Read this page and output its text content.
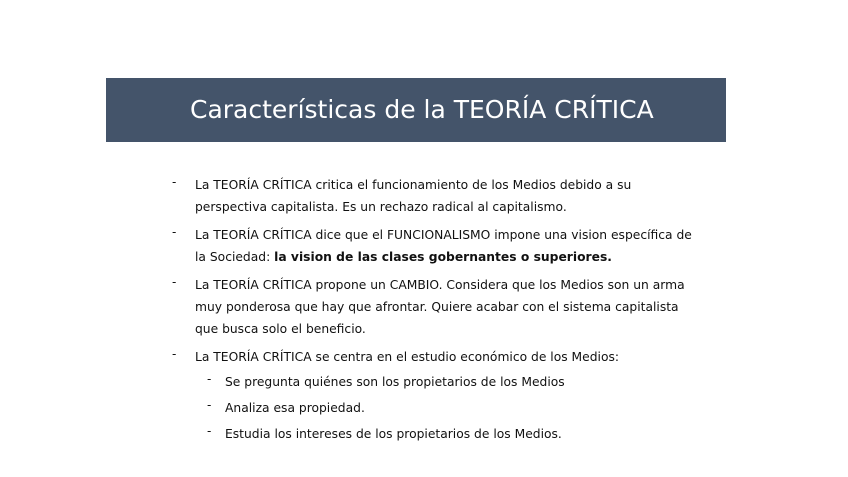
Características de la TEORÍA CRÍTICA
- La TEORÍA CRÍTICA critica el funcionamiento de los Medios debido a su perspectiva capitalista. Es un rechazo radical al capitalismo.
- La TEORÍA CRÍTICA dice que el FUNCIONALISMO impone una vision específica de la Sociedad: la vision de las clases gobernantes o superiores.
- La TEORÍA CRÍTICA propone un CAMBIO. Considera que los Medios son un arma muy ponderosa que hay que afrontar. Quiere acabar con el sistema capitalista que busca solo el beneficio.
- La TEORÍA CRÍTICA se centra en el estudio económico de los Medios:
- Se pregunta quiénes son los propietarios de los Medios
- Analiza esa propiedad.
- Estudia los intereses de los propietarios de los Medios.
